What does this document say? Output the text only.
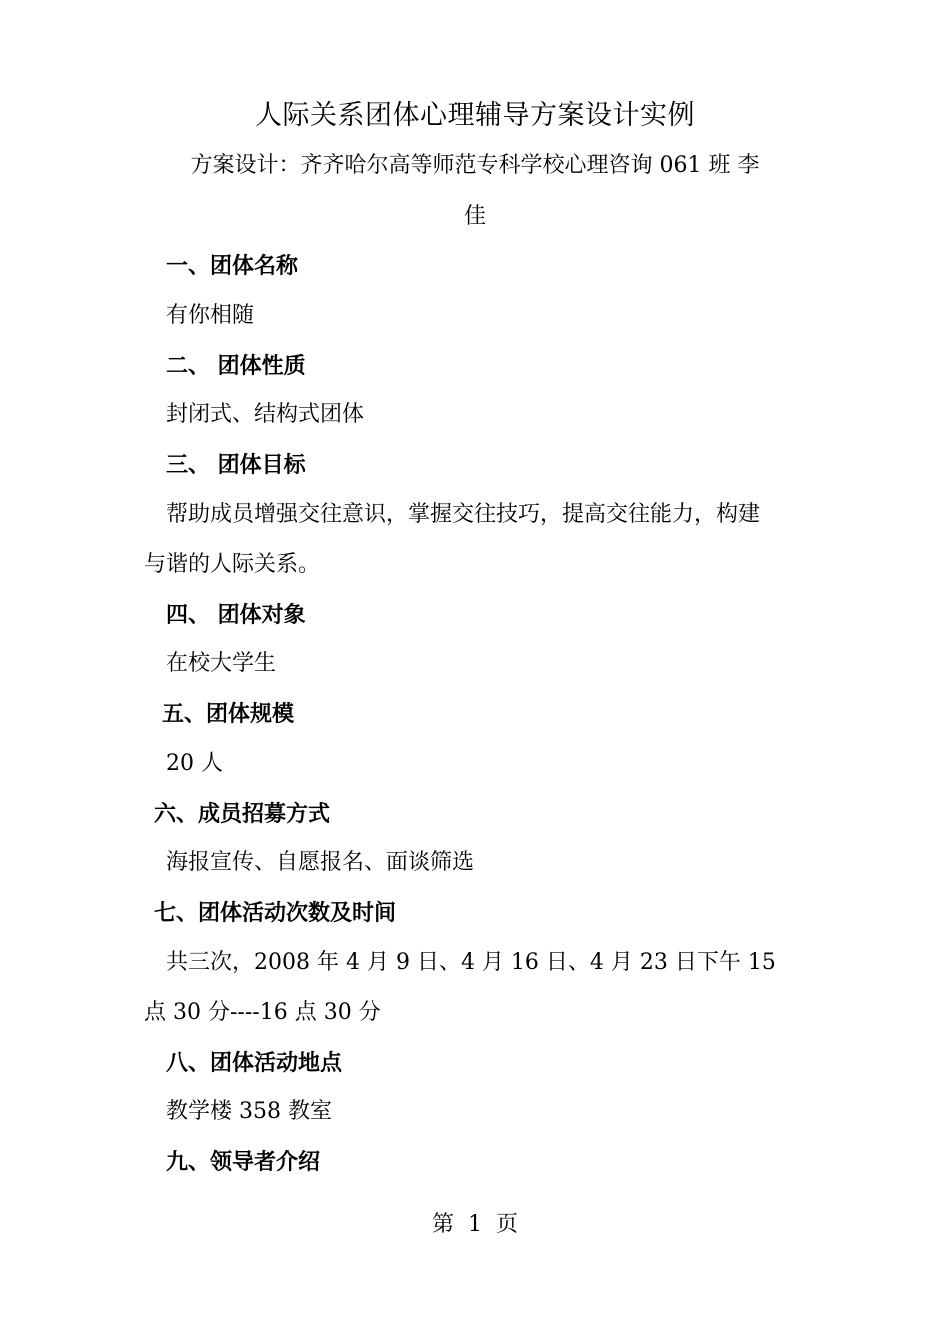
人际关系团体心理辅导方案设计实例
方案设计：齐齐哈尔高等师范专科学校心理咨询 061 班 李
佳
一、团体名称
有你相随
二、 团体性质
封闭式、结构式团体
三、 团体目标
帮助成员增强交往意识，掌握交往技巧，提高交往能力，构建
与谐的人际关系。
四、 团体对象
在校大学生
五、团体规模
20 人
六、成员招募方式
海报宣传、自愿报名、面谈筛选
七、团体活动次数及时间
共三次，2008 年 4 月 9 日、4 月 16 日、4 月 23 日下午 15
点 30 分----16 点 30 分
八、团体活动地点
教学楼 358 教室
九、领导者介绍
第  1  页
